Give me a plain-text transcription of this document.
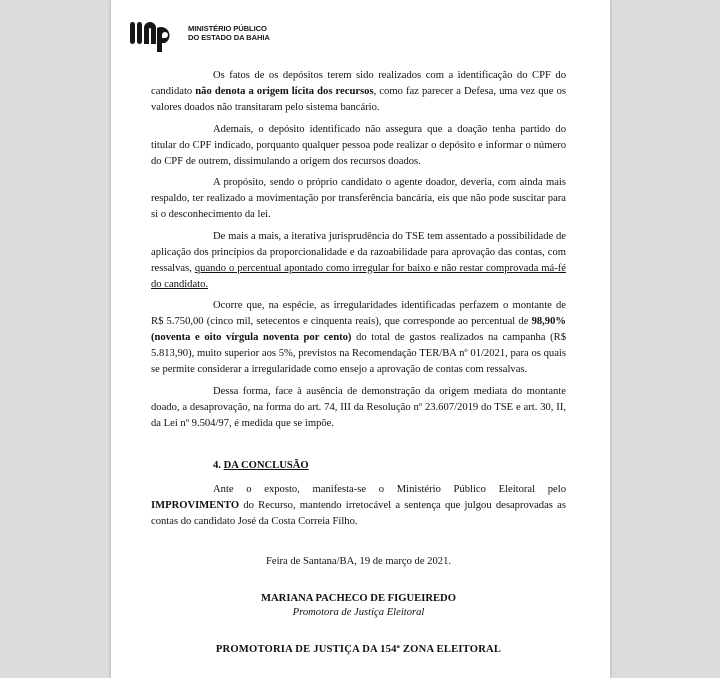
MINISTÉRIO PÚBLICO
DO ESTADO DA BAHIA

Os fatos de os depósitos terem sido realizados com a identificação do CPF do candidato não denota a origem lícita dos recursos, como faz parecer a Defesa, uma vez que os valores doados não transitaram pelo sistema bancário.

Ademais, o depósito identificado não assegura que a doação tenha partido do titular do CPF indicado, porquanto qualquer pessoa pode realizar o depósito e informar o número do CPF de outrem, dissimulando a origem dos recursos doados.

A propósito, sendo o próprio candidato o agente doador, deveria, com ainda mais respaldo, ter realizado a movimentação por transferência bancária, eis que não pode suscitar para si o desconhecimento da lei.

De mais a mais, a iterativa jurisprudência do TSE tem assentado a possibilidade de aplicação dos princípios da proporcionalidade e da razoabilidade para aprovação das contas, com ressalvas, quando o percentual apontado como irregular for baixo e não restar comprovada má-fé do candidato.

Ocorre que, na espécie, as irregularidades identificadas perfazem o montante de R$ 5.750,00 (cinco mil, setecentos e cinquenta reais), que corresponde ao percentual de 98,90% (noventa e oito vírgula noventa por cento) do total de gastos realizados na campanha (R$ 5.813,90), muito superior aos 5%, previstos na Recomendação TER/BA nº 01/2021, para os quais se permite considerar a irregularidade como ensejo a aprovação de contas com ressalvas.

Dessa forma, face à ausência de demonstração da origem mediata do montante doado, a desaprovação, na forma do art. 74, III da Resolução nº 23.607/2019 do TSE e art. 30, II, da Lei nº 9.504/97, é medida que se impõe.

4. DA CONCLUSÃO

Ante o exposto, manifesta-se o Ministério Público Eleitoral pelo IMPROVIMENTO do Recurso, mantendo irretocável a sentença que julgou desaprovadas as contas do candidato José da Costa Correia Filho.

Feira de Santana/BA, 19 de março de 2021.

MARIANA PACHECO DE FIGUEIREDO

Promotora de Justiça Eleitoral

PROMOTORIA DE JUSTIÇA DA 154ª ZONA ELEITORAL
